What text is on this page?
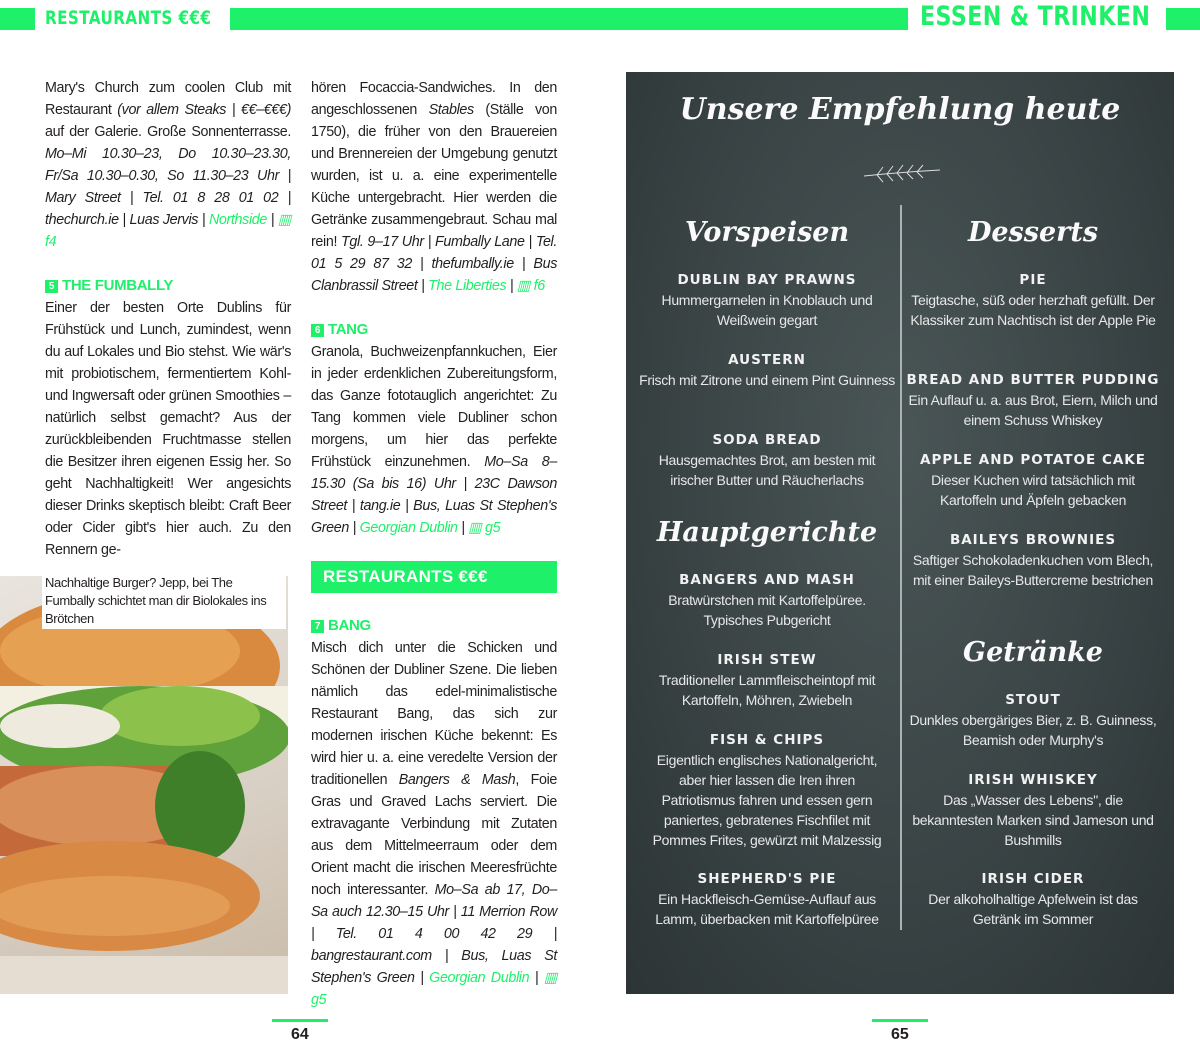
RESTAURANTS €€€	ESSEN & TRINKEN

Mary's Church zum coolen Club mit Restaurant (vor allem Steaks | €€–€€€) auf der Galerie. Große Sonnenterrasse. Mo–Mi 10.30–23, Do 10.30–23.30, Fr/Sa 10.30–0.30, So 11.30–23 Uhr | Mary Street | Tel. 01 8 28 01 02 | thechurch.ie | Luas Jervis | Northside | ▥ f4

5 THE FUMBALLY

Einer der besten Orte Dublins für Frühstück und Lunch, zumindest, wenn du auf Lokales und Bio stehst. Wie wär's mit probiotischem, fermentiertem Kohl- und Ingwersaft oder grünen Smoothies – natürlich selbst gemacht? Aus der zurückbleibenden Fruchtmasse stellen die Besitzer ihren eigenen Essig her. So geht Nachhaltigkeit! Wer angesichts dieser Drinks skeptisch bleibt: Craft Beer oder Cider gibt's hier auch. Zu den Rennern ge-

hören Focaccia-Sandwiches. In den angeschlossenen Stables (Ställe von 1750), die früher von den Brauereien und Brennereien der Umgebung genutzt wurden, ist u. a. eine experimentelle Küche untergebracht. Hier werden die Getränke zusammengebraut. Schau mal rein! Tgl. 9–17 Uhr | Fumbally Lane | Tel. 01 5 29 87 32 | thefumbally.ie | Bus Clanbrassil Street | The Liberties | ▥ f6

6 TANG

Granola, Buchweizenpfannkuchen, Eier in jeder erdenklichen Zubereitungsform, das Ganze fototauglich angerichtet: Zu Tang kommen viele Dubliner schon morgens, um hier das perfekte Frühstück einzunehmen. Mo–Sa 8–15.30 (Sa bis 16) Uhr | 23C Dawson Street | tang.ie | Bus, Luas St Stephen's Green | Georgian Dublin | ▥ g5

RESTAURANTS €€€
7 BANG

Misch dich unter die Schicken und Schönen der Dubliner Szene. Die lieben nämlich das edel-minimalistische Restaurant Bang, das sich zur modernen irischen Küche bekennt: Es wird hier u. a. eine veredelte Version der traditionellen Bangers & Mash, Foie Gras und Graved Lachs serviert. Die extravagante Verbindung mit Zutaten aus dem Mittelmeerraum oder dem Orient macht die irischen Meeresfrüchte noch interessanter. Mo–Sa ab 17, Do–Sa auch 12.30–15 Uhr | 11 Merrion Row | Tel. 01 4 00 42 29 | bangrestaurant.com | Bus, Luas St Stephen's Green | Georgian Dublin | ▥ g5

Nachhaltige Burger? Jepp, bei The Fumbally schichtet man dir Biolokales ins Brötchen
64	65
Unsere Empfehlung heute
Vorspeisen
Hauptgerichte
Desserts
Getränke
DUBLIN BAY PRAWNS
Hummergarnelen in Knoblauch und Weißwein gegart
AUSTERN
Frisch mit Zitrone und einem Pint Guinness
SODA BREAD
Hausgemachtes Brot, am besten mit irischer Butter und Räucherlachs
BANGERS AND MASH
Bratwürstchen mit Kartoffelpüree. Typisches Pubgericht
IRISH STEW
Traditioneller Lammfleischeintopf mit Kartoffeln, Möhren, Zwiebeln
FISH & CHIPS
Eigentlich englisches Nationalgericht, aber hier lassen die Iren ihren Patriotismus fahren und essen gern paniertes, gebratenes Fischfilet mit Pommes Frites, gewürzt mit Malzessig
SHEPHERD'S PIE
Ein Hackfleisch-Gemüse-Auflauf aus Lamm, überbacken mit Kartoffelpüree
PIE
Teigtasche, süß oder herzhaft gefüllt. Der Klassiker zum Nachtisch ist der Apple Pie
BREAD AND BUTTER PUDDING
Ein Auflauf u. a. aus Brot, Eiern, Milch und einem Schuss Whiskey
APPLE AND POTATOE CAKE
Dieser Kuchen wird tatsächlich mit Kartoffeln und Äpfeln gebacken
BAILEYS BROWNIES
Saftiger Schokoladenkuchen vom Blech, mit einer Baileys-Buttercreme bestrichen
STOUT
Dunkles obergäriges Bier, z. B. Guinness, Beamish oder Murphy's
IRISH WHISKEY
Das „Wasser des Lebens", die bekanntesten Marken sind Jameson und Bushmills
IRISH CIDER
Der alkoholhaltige Apfelwein ist das Getränk im Sommer
